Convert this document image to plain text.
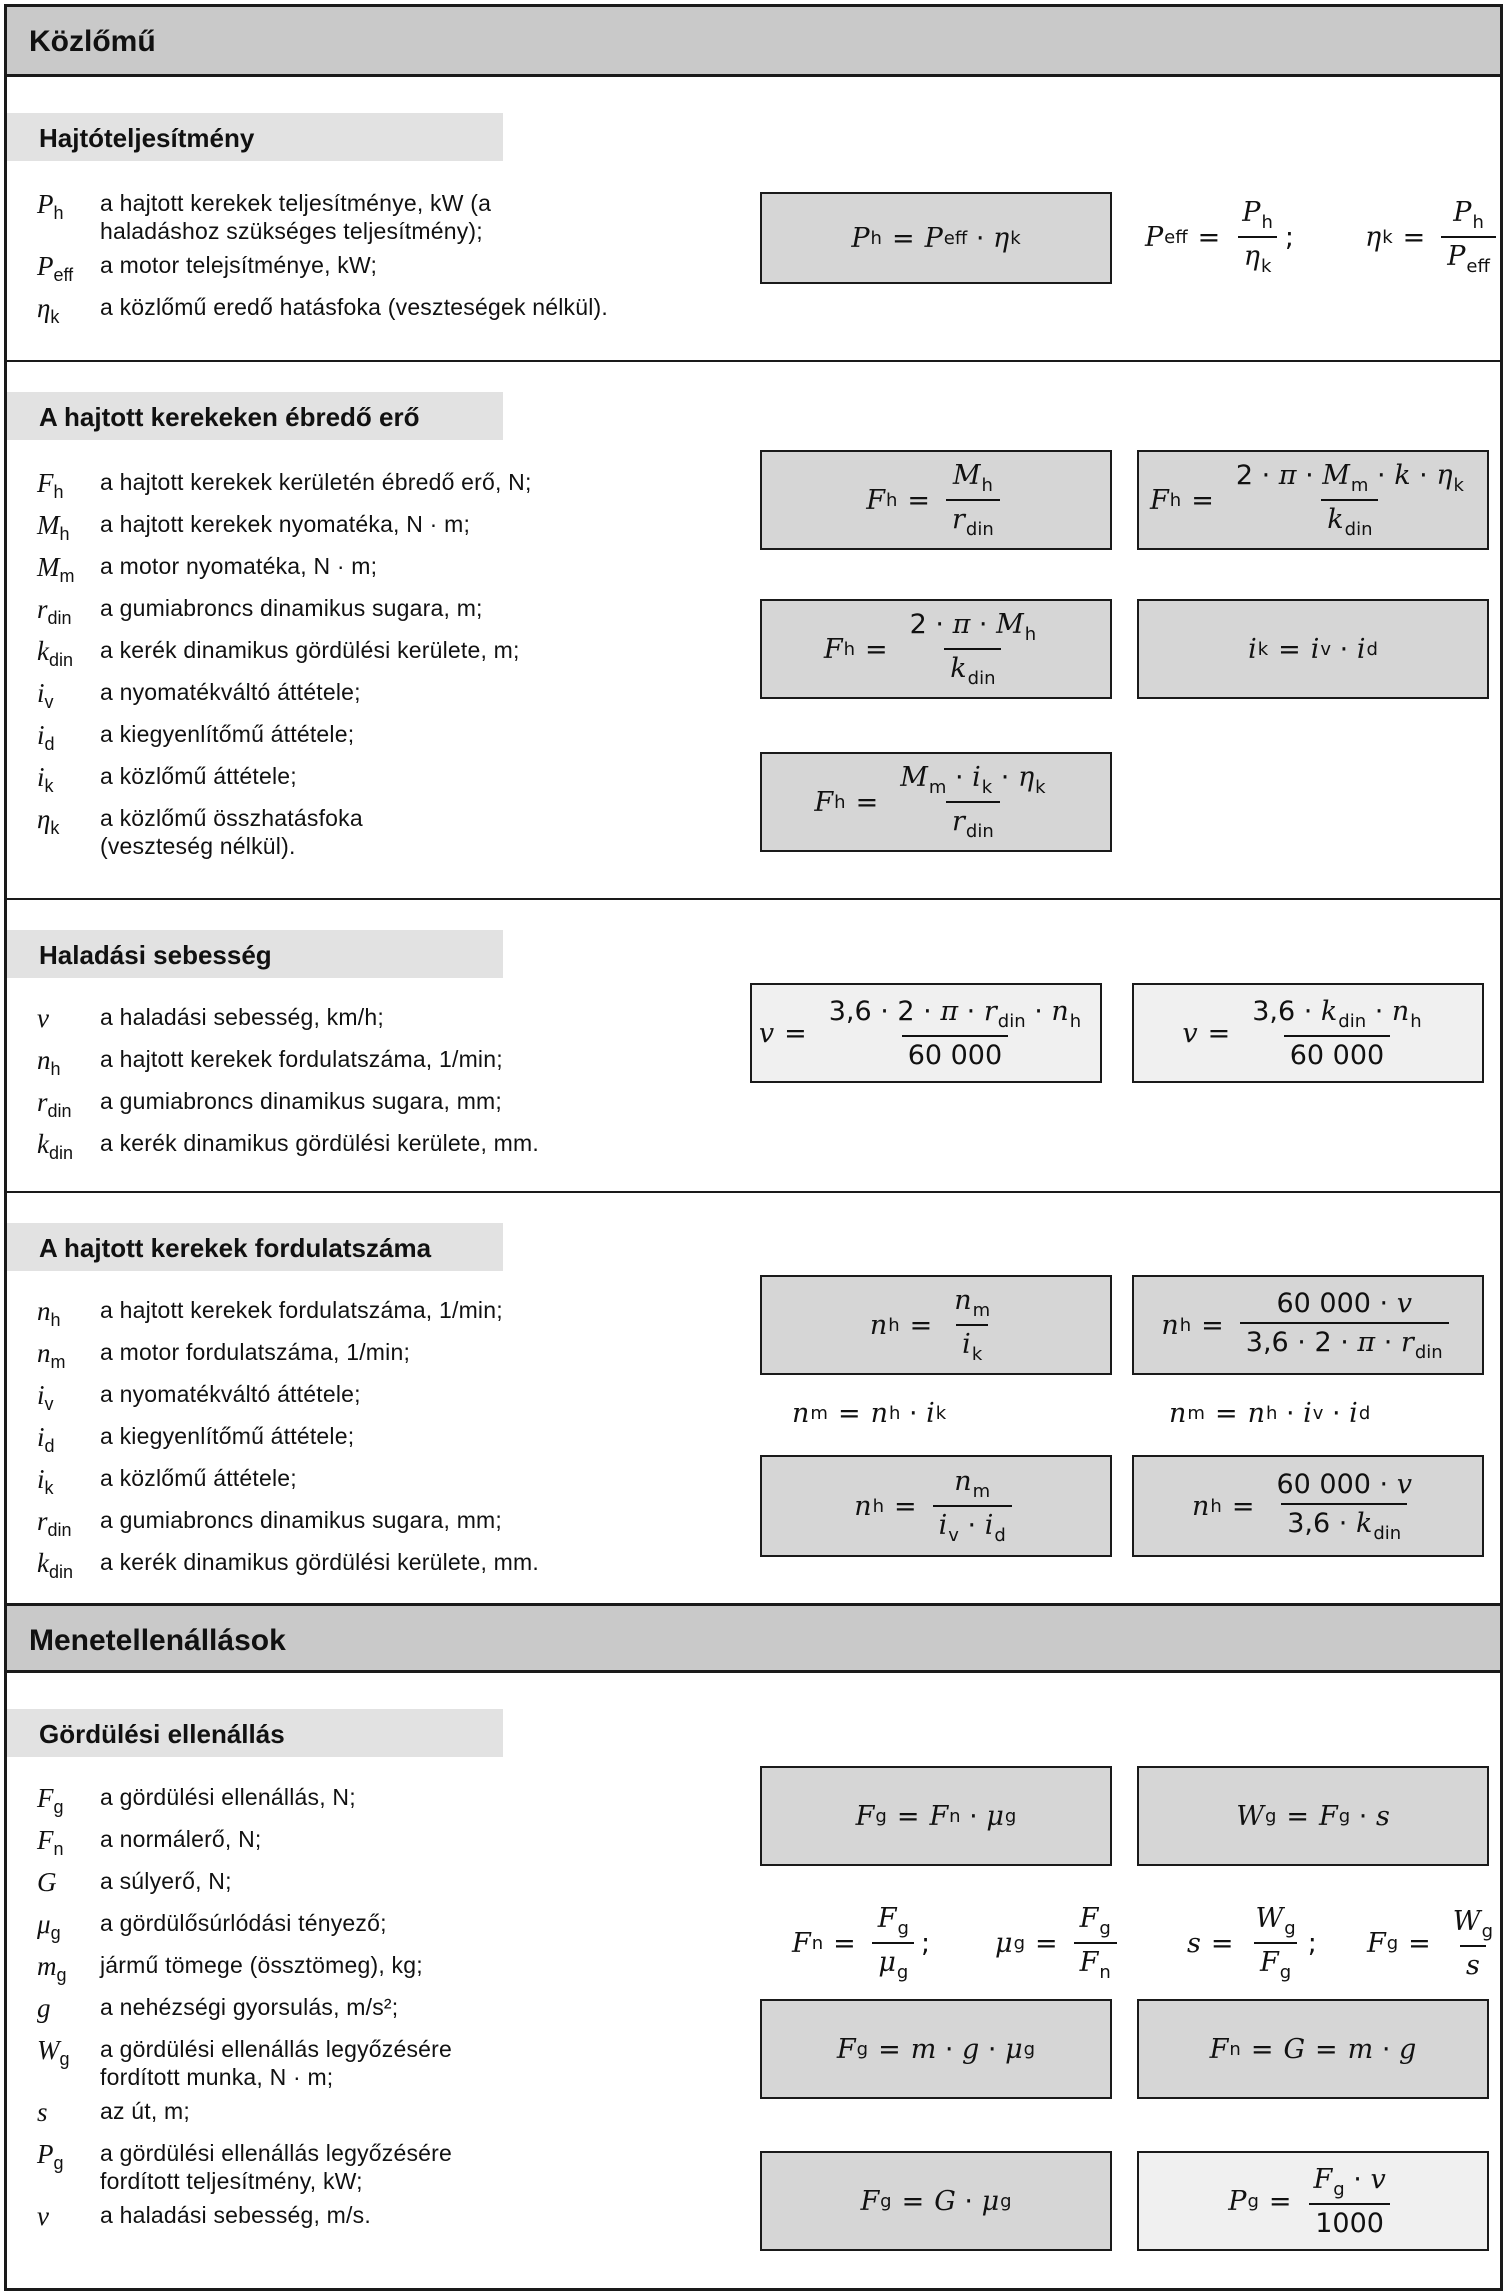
Közlőmű
Hajtóteljesítmény
$P_h$ a hajtott kerekek teljesítménye, kW (a haladáshoz szükséges teljesítmény);
$P_{eff}$ a motor telejsítménye, kW;
$\eta_k$ a közlőmű eredő hatásfoka (veszteségek nélkül).
P h = P eff · η k	P eff = $\frac{P_h}{\eta_k}$ ;	η $k = \frac{P_h}{P_{eff}}$
A hajtott kerekeken ébredő erő
$F_h$ a hajtott kerekek kerületén ébredő erő, N;
$M_h$ a hajtott kerekek nyomatéka, N · m;
$M_m$ a motor nyomatéka, N · m;
$r_{din}$ a gumiabroncs dinamikus sugara, m;
$k_{din}$ a kerék dinamikus gördülési kerülete, m;
$i_v$ a nyomatékváltó áttétele;
$i_d$ a kiegyenlítőmű áttétele;
$i_k$ a közlőmű áttétele;
$\eta_k$ a közlőmű összhatásfoka (veszteség nélkül).
F $h = \frac{M_h}{r_{din}}$	F $h = \frac{2 \cdot \pi \cdot M_m \cdot k \cdot \eta_k}{k_{din}}$
F $h = \frac{2 \cdot \pi \cdot M_h}{k_{din}}$	i k = i v · i d
F $h = \frac{M_m \cdot i_k \cdot \eta_k}{r_{din}}$
Haladási sebesség
v a haladási sebesség, km/h;
$n_h$ a hajtott kerekek fordulatszáma, 1/min;
$r_{din}$ a gumiabroncs dinamikus sugara, mm;
$k_{din}$ a kerék dinamikus gördülési kerülete, mm.
$v = \frac{3,6 \cdot 2 \cdot \pi \cdot r_{din} \cdot n_h}{60 000}$	$v = \frac{3,6 \cdot k_{din} \cdot n_h}{60 000}$
A hajtott kerekek fordulatszáma
$n_h$ a hajtott kerekek fordulatszáma, 1/min;
$n_m$ a motor fordulatszáma, 1/min;
$i_v$ a nyomatékváltó áttétele;
$i_d$ a kiegyenlítőmű áttétele;
$i_k$ a közlőmű áttétele;
$r_{din}$ a gumiabroncs dinamikus sugara, mm;
$k_{din}$ a kerék dinamikus gördülési kerülete, mm.
n $h = \frac{n_m}{i_k}$	n $h = \frac{60 000 \cdot v}{3,6 \cdot 2 \cdot \pi \cdot r_{din}}$
n m = n h · i k	n m = n h · i v · i d
n $h = \frac{n_m}{i_v \cdot i_d}$	n $h = \frac{60 000 \cdot v}{3,6 \cdot k_{din}}$
Menetellenállások
Gördülési ellenállás
$F_g$ a gördülési ellenállás, N;
$F_n$ a normálerő, N;
G a súlyerő, N;
$\mu_g$ a gördülősúrlódási tényező;
$m_g$ jármű tömege (össztömeg), kg;
g a nehézségi gyorsulás, m/s²;
$W_g$ a gördülési ellenállás legyőzésére fordított munka, N · m;
s az út, m;
$P_g$ a gördülési ellenállás legyőzésére fordított teljesítmény, kW;
v a haladási sebesség, m/s.
F g = F n · μ g	W g = F g · s
F $n = \frac{F_g}{\mu_g}$ ; μ $g = \frac{F_g}{F_n}$	$s = \frac{W_g}{F_g}$ ; F $g = \frac{W_g}{s}$
F g = m · g · μ g	F n = G = m · g
F g = G · μ g	P $g = \frac{F_g \cdot v}{1000}$
